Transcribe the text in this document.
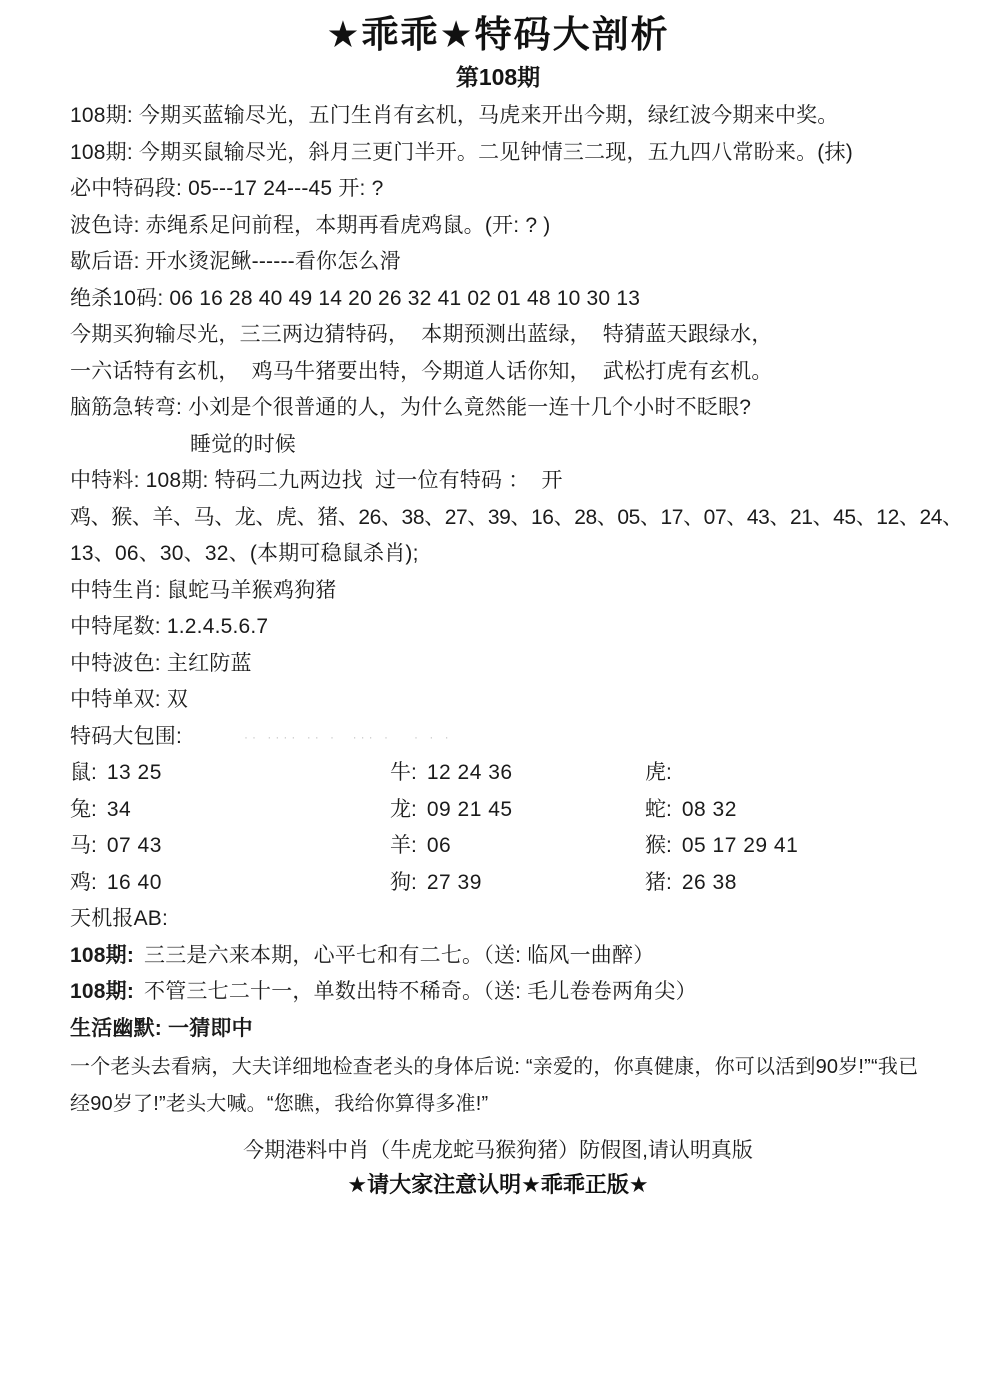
★乖乖★特码大剖析
第108期
108期: 今期买蓝输尽光，五门生肖有玄机，马虎来开出今期，绿红波今期来中奖。
108期: 今期买鼠输尽光，斜月三更门半开。二见钟情三二现，五九四八常盼来。(抹)
必中特码段: 05---17 24---45 开: ?
波色诗: 赤绳系足问前程，本期再看虎鸡鼠。(开: ? )
歇后语: 开水烫泥鳅------看你怎么滑
绝杀10码: 06 16 28 40 49 14 20 26 32 41 02 01 48 10 30 13
今期买狗输尽光，三三两边猜特码，  本期预测出蓝绿，  特猜蓝天跟绿水，
一六话特有玄机，  鸡马牛猪要出特，今期道人话你知，  武松打虎有玄机。
脑筋急转弯: 小刘是个很普通的人，为什么竟然能一连十几个小时不眨眼?
睡觉的时候
中特料: 108期: 特码二九两边找  过一位有特码 ：  开
鸡、猴、羊、马、龙、虎、猪、26、38、27、39、16、28、05、17、07、43、21、45、12、24、
13、06、30、32、(本期可稳鼠杀肖);
中特生肖: 鼠蛇马羊猴鸡狗猪
中特尾数: 1.2.4.5.6.7
中特波色: 主红防蓝
中特单双: 双
特码大包围:	·· ···· ·· ·  ··· ·   · · ·
鼠: 13 25	牛: 12 24 36	虎:
兔: 34	龙: 09 21 45	蛇: 08 32
马: 07 43	羊: 06	猴: 05 17 29 41
鸡: 16 40	狗: 27 39	猪: 26 38
天机报AB:
108期: 三三是六来本期，心平七和有二七。（送: 临风一曲醉）
108期: 不管三七二十一，单数出特不稀奇。（送: 毛儿卷卷两角尖）
生活幽默: 一猜即中
一个老头去看病，大夫详细地检查老头的身体后说: “亲爱的，你真健康，你可以活到90岁!”“我已经90岁了!”老头大喊。“您瞧，我给你算得多准!”
今期港料中肖（牛虎龙蛇马猴狗猪）防假图,请认明真版
★请大家注意认明★乖乖正版★
